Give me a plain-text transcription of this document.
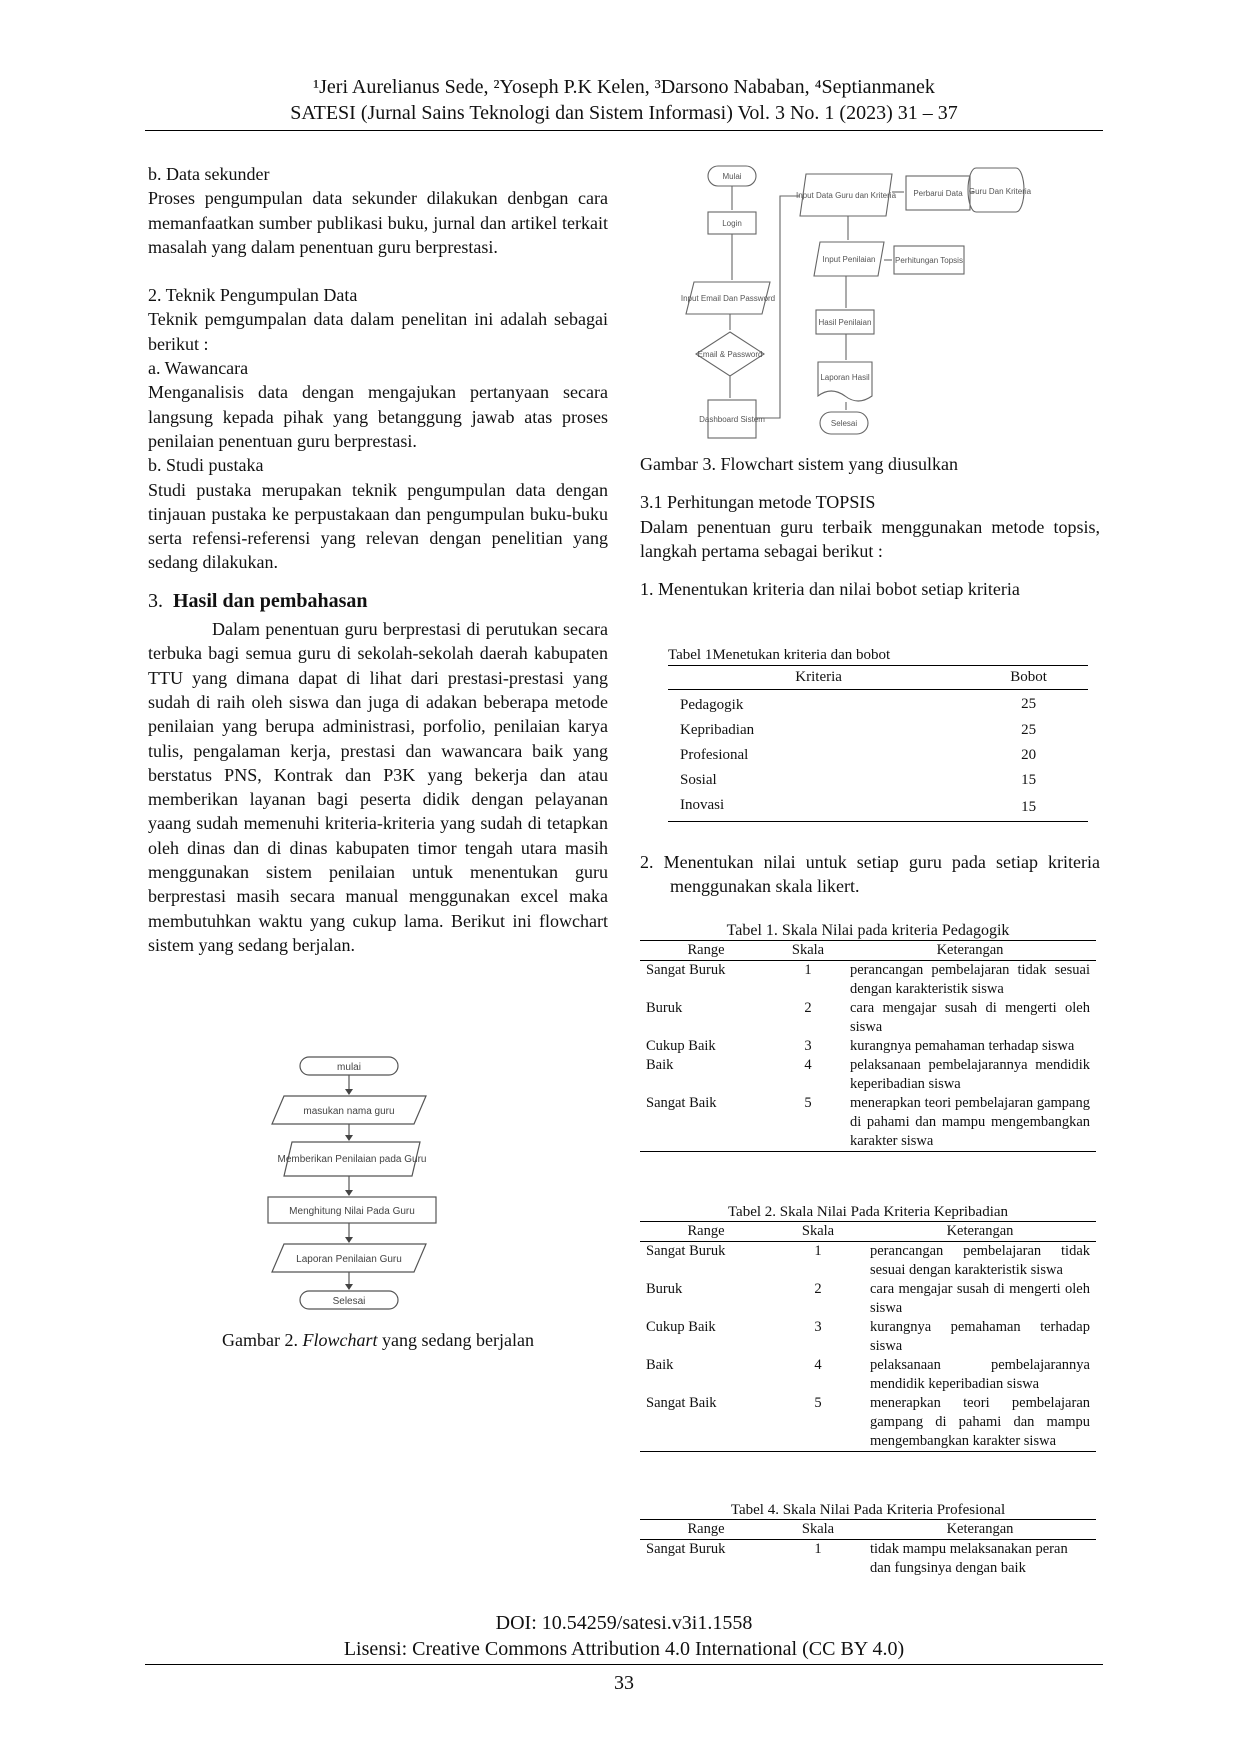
¹Jeri Aurelianus Sede, ²Yoseph P.K Kelen, ³Darsono Nababan, ⁴Septianmanek
SATESI (Jurnal Sains Teknologi dan Sistem Informasi) Vol. 3 No. 1 (2023) 31 – 37

b. Data sekunder

Proses pengumpulan data sekunder dilakukan denbgan cara memanfaatkan sumber publikasi buku, jurnal dan artikel terkait masalah yang dalam penentuan guru berprestasi.

2. Teknik Pengumpulan Data

Teknik pemgumpalan data dalam penelitan ini adalah sebagai berikut :

a. Wawancara

Menganalisis data dengan mengajukan pertanyaan secara langsung kepada pihak yang betanggung jawab atas proses penilaian penentuan guru berprestasi.

b. Studi pustaka

Studi pustaka merupakan teknik pengumpulan data dengan tinjauan pustaka ke perpustakaan dan pengumpulan buku-buku serta refensi-referensi yang relevan dengan penelitian yang sedang dilakukan.

3. Hasil dan pembahasan

Dalam penentuan guru berprestasi di perutukan secara terbuka bagi semua guru di sekolah-sekolah daerah kabupaten TTU yang dimana dapat di lihat dari prestasi-prestasi yang sudah di raih oleh siswa dan juga di adakan beberapa metode penilaian yang berupa administrasi, porfolio, penilaian karya tulis, pengalaman kerja, prestasi dan wawancara baik yang berstatus PNS, Kontrak dan P3K yang bekerja dan atau memberikan layanan bagi peserta didik dengan pelayanan yaang sudah memenuhi kriteria-kriteria yang sudah di tetapkan oleh dinas dan di dinas kabupaten timor tengah utara masih menggunakan sistem penilaian untuk menentukan guru berprestasi masih secara manual menggunakan excel maka membutuhkan waktu yang cukup lama. Berikut ini flowchart sistem yang sedang berjalan.

mulai
masukan nama guru
Memberikan Penilaian pada Guru
Menghitung Nilai Pada Guru
Laporan Penilaian Guru
Selesai
Gambar 2. Flowchart yang sedang berjalan
Mulai
Login
Input Email Dan Password
Email & Password
Dashboard Sistem
Input Data Guru dan Kriteria Perbarui Data Guru Dan Kriteria
Input Penilaian Perhitungan Topsis
Hasil Penilaian
Laporan Hasil
Selesai

Gambar 3. Flowchart sistem yang diusulkan

3.1 Perhitungan metode TOPSIS

Dalam penentuan guru terbaik menggunakan metode topsis, langkah pertama sebagai berikut :

1. Menentukan kriteria dan nilai bobot setiap kriteria

Tabel 1Menetukan kriteria dan bobot
Kriteria	Bobot
Pedagogik	25
Kepribadian	25
Profesional	20
Sosial	15
Inovasi	15

2. Menentukan nilai untuk setiap guru pada setiap kriteria menggunakan skala likert.

Tabel 1. Skala Nilai pada kriteria Pedagogik
Range	Skala	Keterangan
Sangat Buruk	1	perancangan pembelajaran tidak sesuai dengan karakteristik siswa
Buruk	2	cara mengajar susah di mengerti oleh siswa
Cukup Baik	3	kurangnya pemahaman terhadap siswa
Baik	4	pelaksanaan pembelajarannya mendidik keperibadian siswa
Sangat Baik	5	menerapkan teori pembelajaran gampang di pahami dan mampu mengembangkan karakter siswa
Tabel 2. Skala Nilai Pada Kriteria Kepribadian
Range	Skala	Keterangan
Sangat Buruk	1	perancangan pembelajaran tidak sesuai dengan karakteristik siswa
Buruk	2	cara mengajar susah di mengerti oleh siswa
Cukup Baik	3	kurangnya pemahaman terhadap siswa
Baik	4	pelaksanaan pembelajarannya mendidik keperibadian siswa
Sangat Baik	5	menerapkan teori pembelajaran gampang di pahami dan mampu mengembangkan karakter siswa
Tabel 4. Skala Nilai Pada Kriteria Profesional
Range	Skala	Keterangan
Sangat Buruk	1	tidak mampu melaksanakan peran dan fungsinya dengan baik
DOI: 10.54259/satesi.v3i1.1558
Lisensi: Creative Commons Attribution 4.0 International (CC BY 4.0)
33
